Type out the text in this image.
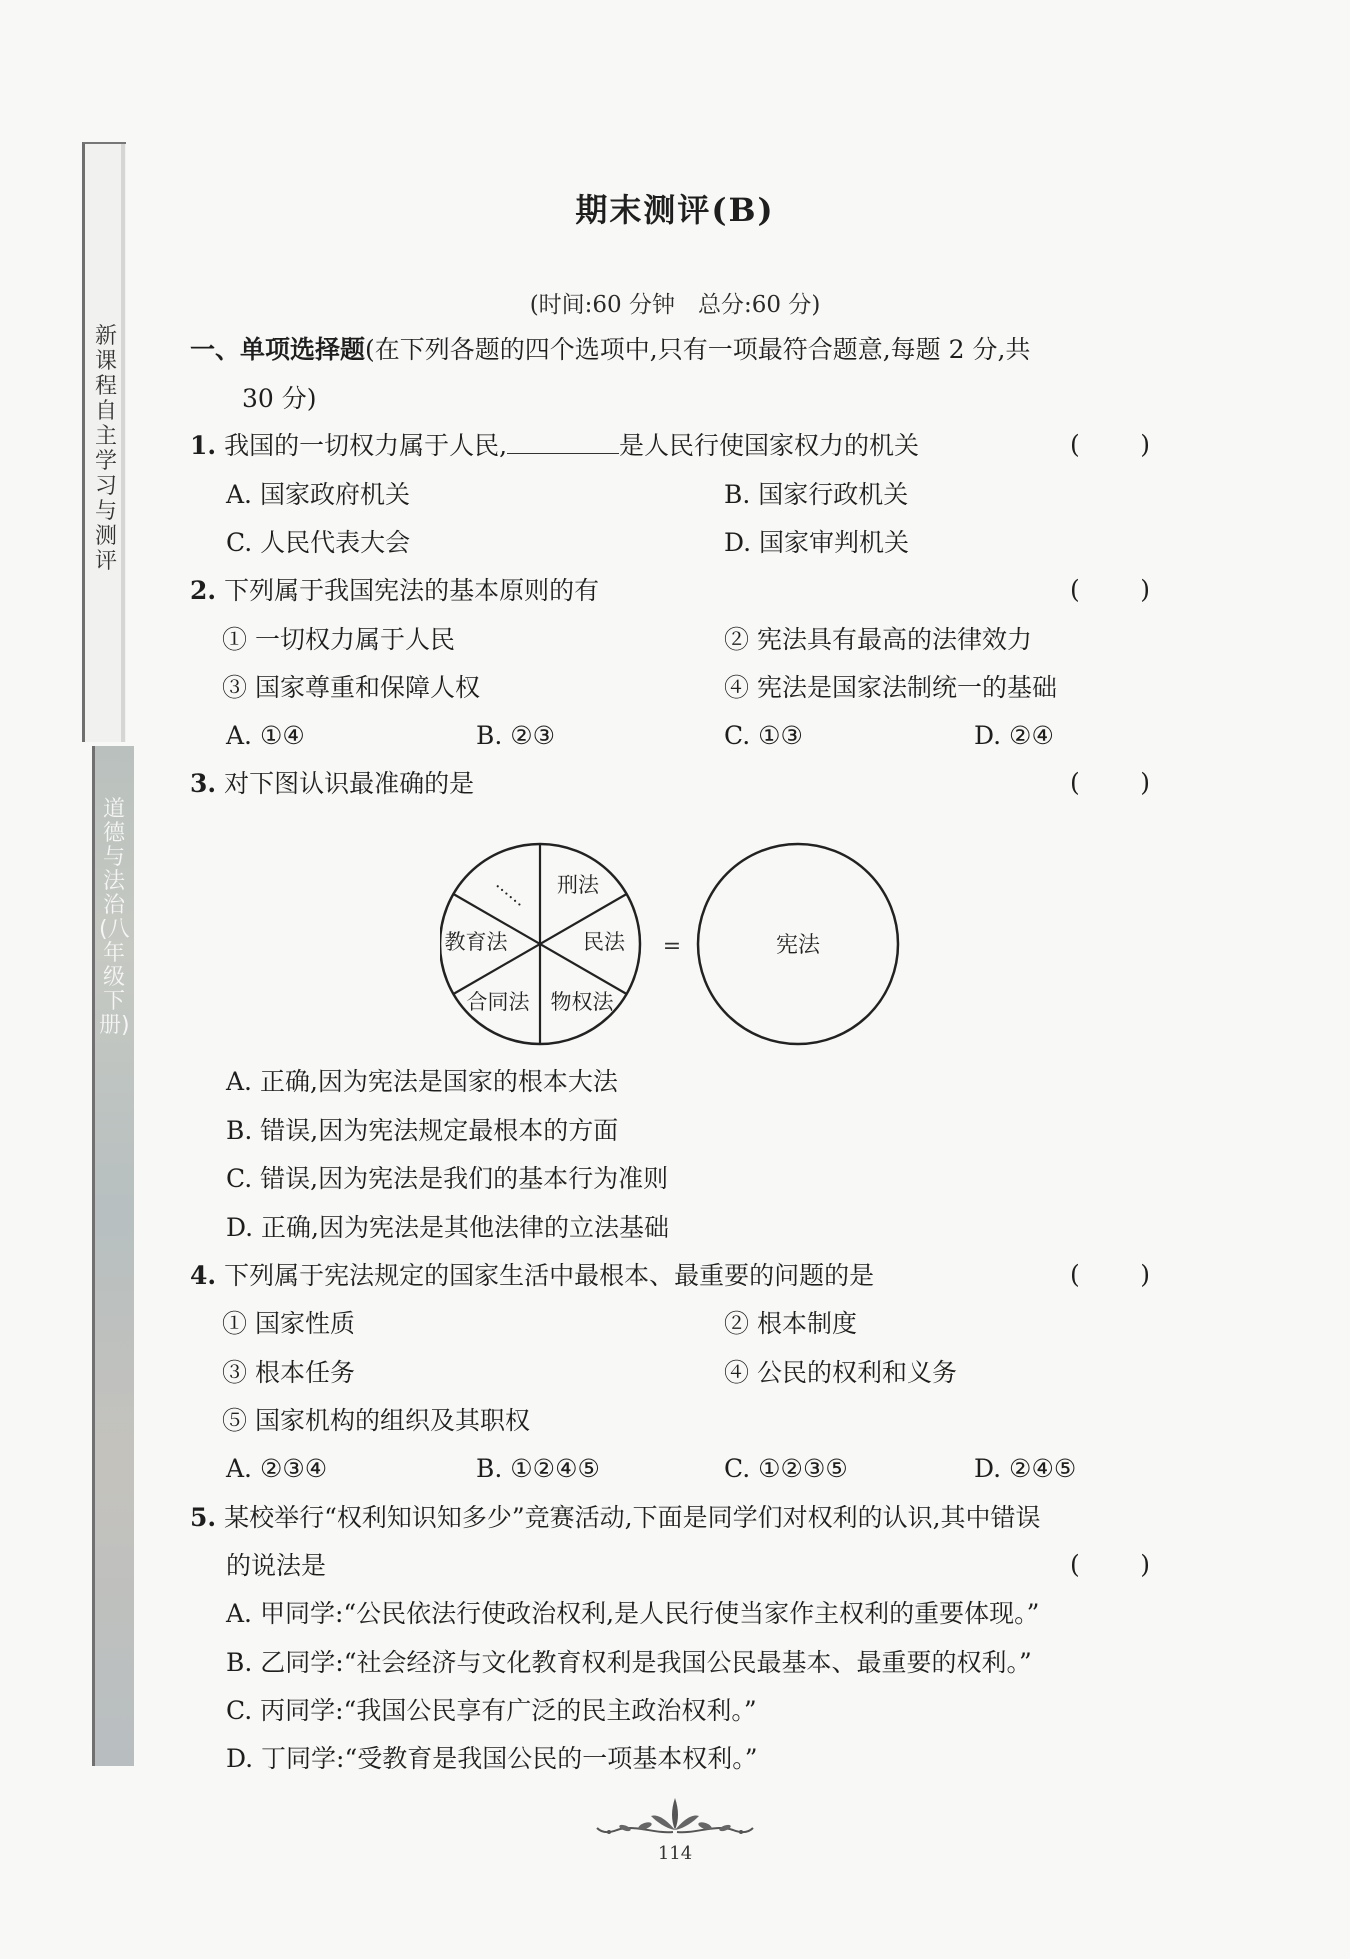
新课程自主学习与测评
道德与法治(八年级下册)
期末测评(B)
(时间:60 分钟　总分:60 分)
一、单项选择题(在下列各题的四个选项中,只有一项最符合题意,每题 2 分,共
30 分)
1. 我国的一切权力属于人民,	是人民行使国家权力的机关	( )
A. 国家政府机关	B. 国家行政机关
C. 人民代表大会	D. 国家审判机关
2. 下列属于我国宪法的基本原则的有	( )
① 一切权力属于人民	② 宪法具有最高的法律效力
③ 国家尊重和保障人权	④ 宪法是国家法制统一的基础
A. ①④	B. ②③	C. ①③	D. ②④
3. 对下图认识最准确的是	( )
刑法
民法
物权法
合同法
教育法
……
=	宪法
A. 正确,因为宪法是国家的根本大法
B. 错误,因为宪法规定最根本的方面
C. 错误,因为宪法是我们的基本行为准则
D. 正确,因为宪法是其他法律的立法基础
4. 下列属于宪法规定的国家生活中最根本、最重要的问题的是	( )
① 国家性质	② 根本制度
③ 根本任务	④ 公民的权利和义务
⑤ 国家机构的组织及其职权
A. ②③④	B. ①②④⑤	C. ①②③⑤	D. ②④⑤
5. 某校举行“权利知识知多少”竞赛活动,下面是同学们对权利的认识,其中错误
的说法是	( )
A. 甲同学:“公民依法行使政治权利,是人民行使当家作主权利的重要体现。”
B. 乙同学:“社会经济与文化教育权利是我国公民最基本、最重要的权利。”
C. 丙同学:“我国公民享有广泛的民主政治权利。”
D. 丁同学:“受教育是我国公民的一项基本权利。”
114
